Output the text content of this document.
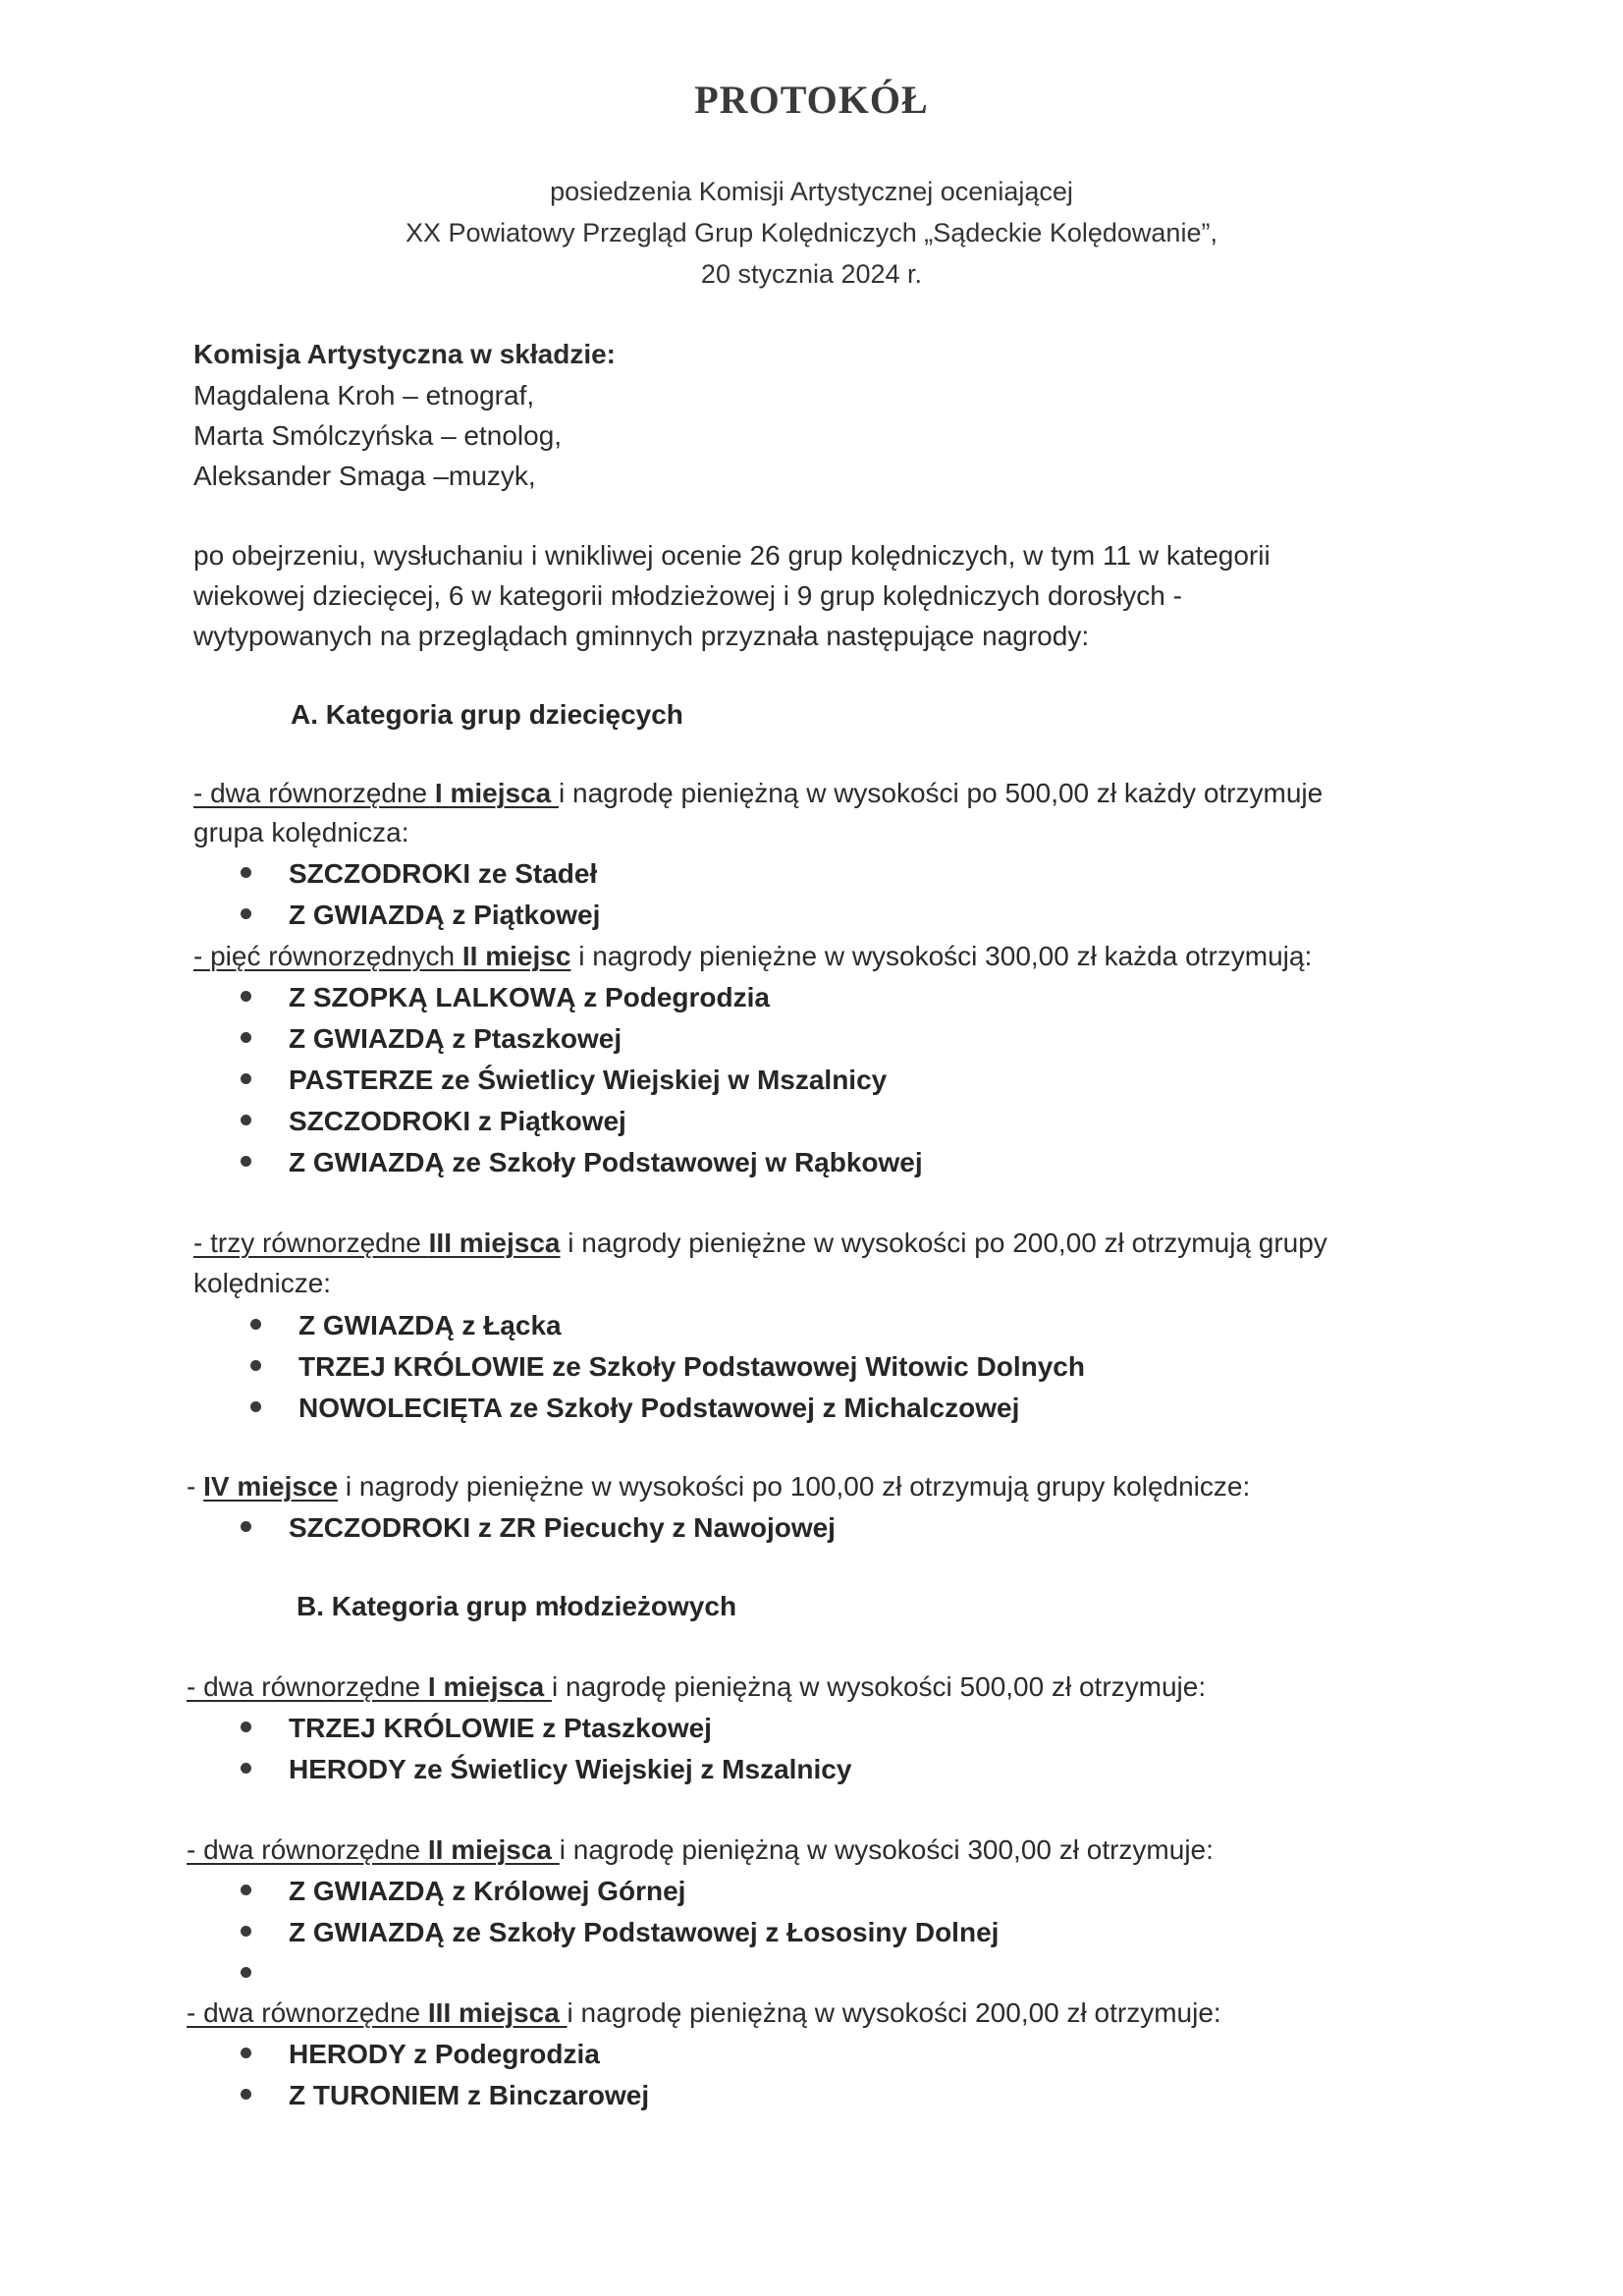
PROTOKÓŁ
posiedzenia Komisji Artystycznej oceniającej
XX Powiatowy Przegląd Grup Kolędniczych „Sądeckie Kolędowanie”,
20 stycznia 2024 r.
Komisja Artystyczna w składzie:
Magdalena Kroh – etnograf,
Marta Smólczyńska – etnolog,
Aleksander Smaga –muzyk,
po obejrzeniu, wysłuchaniu i wnikliwej ocenie 26 grup kolędniczych, w tym 11 w kategorii
wiekowej dziecięcej, 6 w kategorii młodzieżowej i 9 grup kolędniczych dorosłych -
wytypowanych na przeglądach gminnych przyznała następujące nagrody:
A. Kategoria grup dziecięcych
- dwa równorzędne I miejsca i nagrodę pieniężną w wysokości po 500,00 zł każdy otrzymuje
grupa kolędnicza:
SZCZODROKI ze Stadeł
Z GWIAZDĄ z Piątkowej
- pięć równorzędnych II miejsc i nagrody pieniężne w wysokości 300,00 zł każda otrzymują:
Z SZOPKĄ LALKOWĄ z Podegrodzia
Z GWIAZDĄ z Ptaszkowej
PASTERZE ze Świetlicy Wiejskiej w Mszalnicy
SZCZODROKI z Piątkowej
Z GWIAZDĄ ze Szkoły Podstawowej w Rąbkowej
- trzy równorzędne III miejsca i nagrody pieniężne w wysokości po 200,00 zł otrzymują grupy
kolędnicze:
Z GWIAZDĄ z Łącka
TRZEJ KRÓLOWIE ze Szkoły Podstawowej Witowic Dolnych
NOWOLECIĘTA ze Szkoły Podstawowej z Michalczowej
- IV miejsce i nagrody pieniężne w wysokości po 100,00 zł otrzymują grupy kolędnicze:
SZCZODROKI z ZR Piecuchy z Nawojowej
B. Kategoria grup młodzieżowych
- dwa równorzędne I miejsca i nagrodę pieniężną w wysokości 500,00 zł otrzymuje:
TRZEJ KRÓLOWIE z Ptaszkowej
HERODY ze Świetlicy Wiejskiej z Mszalnicy
- dwa równorzędne II miejsca i nagrodę pieniężną w wysokości 300,00 zł otrzymuje:
Z GWIAZDĄ z Królowej Górnej
Z GWIAZDĄ ze Szkoły Podstawowej z Łososiny Dolnej
- dwa równorzędne III miejsca i nagrodę pieniężną w wysokości 200,00 zł otrzymuje:
HERODY z Podegrodzia
Z TURONIEM z Binczarowej
